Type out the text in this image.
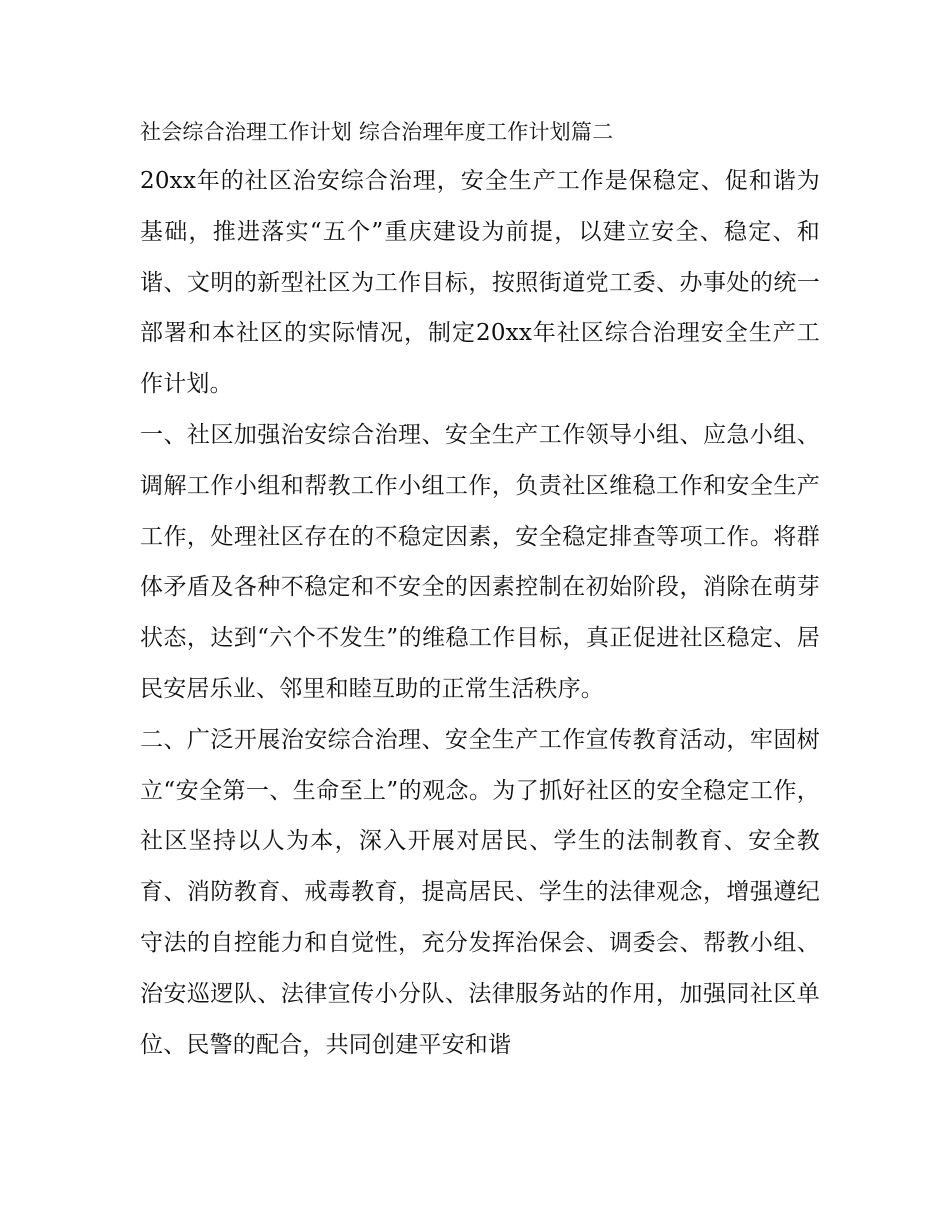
社会综合治理工作计划 综合治理年度工作计划篇二

20xx年的社区治安综合治理，安全生产工作是保稳定、促和谐为基础，推进落实“五个”重庆建设为前提，以建立安全、稳定、和谐、文明的新型社区为工作目标，按照街道党工委、办事处的统一部署和本社区的实际情况，制定20xx年社区综合治理安全生产工作计划。

一、社区加强治安综合治理、安全生产工作领导小组、应急小组、调解工作小组和帮教工作小组工作，负责社区维稳工作和安全生产工作，处理社区存在的不稳定因素，安全稳定排查等项工作。将群体矛盾及各种不稳定和不安全的因素控制在初始阶段，消除在萌芽状态，达到“六个不发生”的维稳工作目标，真正促进社区稳定、居民安居乐业、邻里和睦互助的正常生活秩序。

二、广泛开展治安综合治理、安全生产工作宣传教育活动，牢固树立“安全第一、生命至上”的观念。为了抓好社区的安全稳定工作，社区坚持以人为本，深入开展对居民、学生的法制教育、安全教育、消防教育、戒毒教育，提高居民、学生的法律观念，增强遵纪守法的自控能力和自觉性，充分发挥治保会、调委会、帮教小组、治安巡逻队、法律宣传小分队、法律服务站的作用，加强同社区单位、民警的配合，共同创建平安和谐
